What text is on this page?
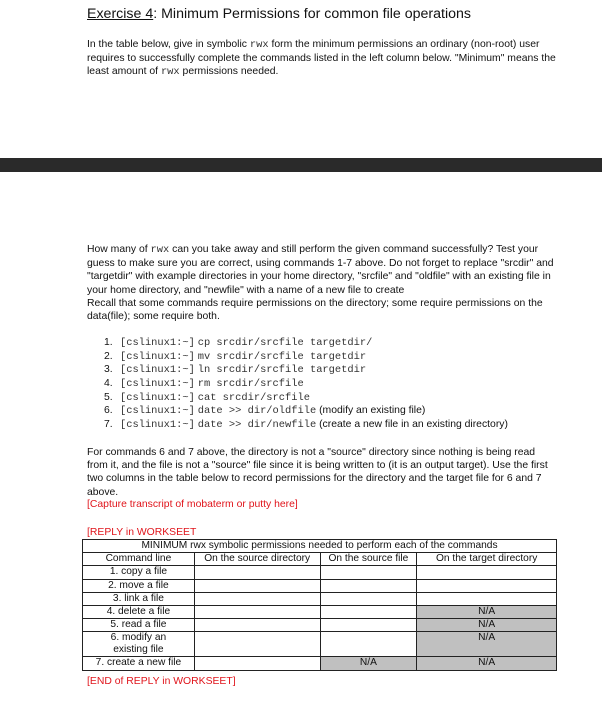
Exercise 4: Minimum Permissions for common file operations
In the table below, give in symbolic rwx form the minimum permissions an ordinary (non-root) user requires to successfully complete the commands listed in the left column below. "Minimum" means the least amount of rwx permissions needed.
How many of rwx can you take away and still perform the given command successfully? Test your guess to make sure you are correct, using commands 1-7 above. Do not forget to replace "srcdir" and "targetdir" with example directories in your home directory, "srcfile" and "oldfile" with an existing file in your home directory, and "newfile" with a name of a new file to create
Recall that some commands require permissions on the directory; some require permissions on the data(file); some require both.
1. [cslinux1:~] cp srcdir/srcfile targetdir/
2. [cslinux1:~] mv srcdir/srcfile targetdir
3. [cslinux1:~] ln srcdir/srcfile targetdir
4. [cslinux1:~] rm srcdir/srcfile
5. [cslinux1:~] cat srcdir/srcfile
6. [cslinux1:~] date >> dir/oldfile (modify an existing file)
7. [cslinux1:~] date >> dir/newfile (create a new file in an existing directory)
For commands 6 and 7 above, the directory is not a "source" directory since nothing is being read from it, and the file is not a "source" file since it is being written to (it is an output target). Use the first two columns in the table below to record permissions for the directory and the target file for 6 and 7 above.
[Capture transcript of mobaterm or putty here]
[REPLY in WORKSEET
MINIMUM rwx symbolic permissions needed to perform each of the commands			
Command line	On the source directory	On the source file	On the target directory
1. copy a file			
2. move a file			
3. link a file			
4. delete a file			N/A
5. read a file			N/A
6. modify an existing file			N/A
7. create a new file		N/A	N/A
[END of REPLY in WORKSEET]
